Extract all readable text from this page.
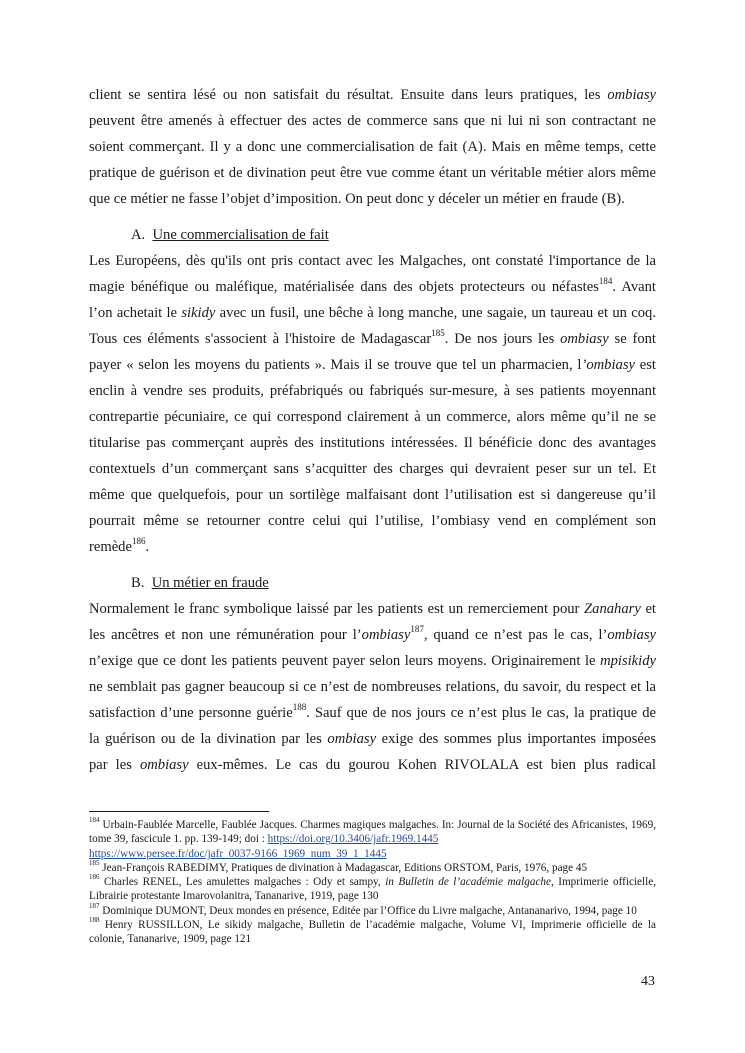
client se sentira lésé ou non satisfait du résultat. Ensuite dans leurs pratiques, les ombiasy
peuvent être amenés à effectuer des actes de commerce sans que ni lui ni son contractant ne
soient commerçant. Il y a donc une commercialisation de fait (A). Mais en même temps, cette
pratique de guérison et de divination peut être vue comme étant un véritable métier alors même
que ce métier ne fasse l’objet d’imposition. On peut donc y déceler un métier en fraude (B).

A. Une commercialisation de fait

Les Européens, dès qu'ils ont pris contact avec les Malgaches, ont constaté l'importance de la
magie bénéfique ou maléfique, matérialisée dans des objets protecteurs ou néfastes$^{184}$. Avant
l’on achetait le sikidy avec un fusil, une bêche à long manche, une sagaie, un taureau et un coq.
Tous ces éléments s'associent à l'histoire de Madagascar$^{185}$. De nos jours les ombiasy se font
payer « selon les moyens du patients ». Mais il se trouve que tel un pharmacien, l’ombiasy est
enclin à vendre ses produits, préfabriqués ou fabriqués sur-mesure, à ses patients moyennant
contrepartie pécuniaire, ce qui correspond clairement à un commerce, alors même qu’il ne se
titularise pas commerçant auprès des institutions intéressées. Il bénéficie donc des avantages
contextuels d’un commerçant sans s’acquitter des charges qui devraient peser sur un tel. Et
même que quelquefois, pour un sortilège malfaisant dont l’utilisation est si dangereuse qu’il
pourrait même se retourner contre celui qui l’utilise, l’ombiasy vend en complément son
remède$^{186}$.

B. Un métier en fraude

Normalement le franc symbolique laissé par les patients est un remerciement pour Zanahary et
les ancêtres et non une rémunération pour l’ombiasy$^{187}$, quand ce n’est pas le cas, l’ombiasy
n’exige que ce dont les patients peuvent payer selon leurs moyens. Originairement le mpisikidy
ne semblait pas gagner beaucoup si ce n’est de nombreuses relations, du savoir, du respect et la
satisfaction d’une personne guérie$^{188}$. Sauf que de nos jours ce n’est plus le cas, la pratique de
la guérison ou de la divination par les ombiasy exige des sommes plus importantes imposées
par les ombiasy eux-mêmes. Le cas du gourou Kohen RIVOLALA est bien plus radical

$^{184}$ Urbain-Faublée Marcelle, Faublée Jacques. Charmes magiques malgaches. In: Journal de la Société des Africanistes, 1969, tome 39, fascicule 1. pp. 139-149; doi : https://doi.org/10.3406/jafr.1969.1445
https://www.persee.fr/doc/jafr_0037-9166_1969_num_39_1_1445

$^{185}$ Jean-François RABEDIMY, Pratiques de divination à Madagascar, Editions ORSTOM, Paris, 1976, page 45

$^{186}$ Charles RENEL, Les amulettes malgaches : Ody et sampy, in Bulletin de l’académie malgache, Imprimerie officielle, Librairie protestante Imarovolanitra, Tananarive, 1919, page 130

$^{187}$ Dominique DUMONT, Deux mondes en présence, Editée par l’Office du Livre malgache, Antananarivo, 1994, page 10

$^{188}$ Henry RUSSILLON, Le sikidy malgache, Bulletin de l’académie malgache, Volume VI, Imprimerie officielle de la colonie, Tananarive, 1909, page 121

43
